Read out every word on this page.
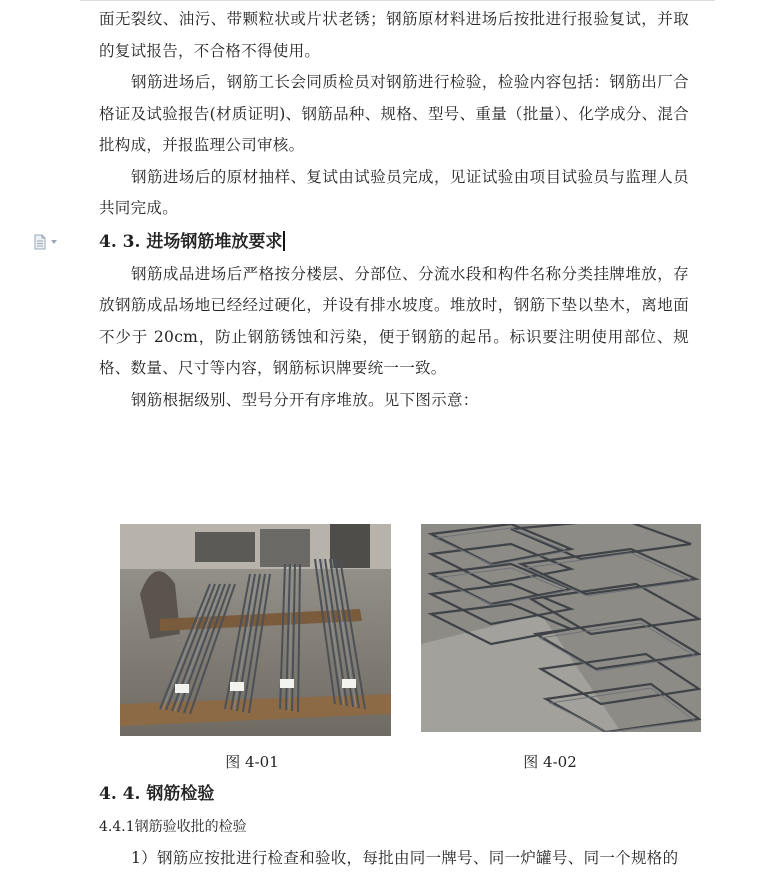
面无裂纹、油污、带颗粒状或片状老锈；钢筋原材料进场后按批进行报验复试，并取的复试报告，不合格不得使用。

钢筋进场后，钢筋工长会同质检员对钢筋进行检验，检验内容包括：钢筋出厂合格证及试验报告(材质证明)、钢筋品种、规格、型号、重量（批量）、化学成分、混合批构成，并报监理公司审核。

钢筋进场后的原材抽样、复试由试验员完成，见证试验由项目试验员与监理人员共同完成。

4. 3. 进场钢筋堆放要求

钢筋成品进场后严格按分楼层、分部位、分流水段和构件名称分类挂牌堆放，存放钢筋成品场地已经经过硬化，并设有排水坡度。堆放时，钢筋下垫以垫木，离地面不少于 20cm，防止钢筋锈蚀和污染，便于钢筋的起吊。标识要注明使用部位、规格、数量、尺寸等内容，钢筋标识牌要统一一致。

钢筋根据级别、型号分开有序堆放。见下图示意：

图 4-01	图 4-02
4. 4. 钢筋检验
4.4.1钢筋验收批的检验

1）钢筋应按批进行检查和验收，每批由同一牌号、同一炉罐号、同一个规格的
